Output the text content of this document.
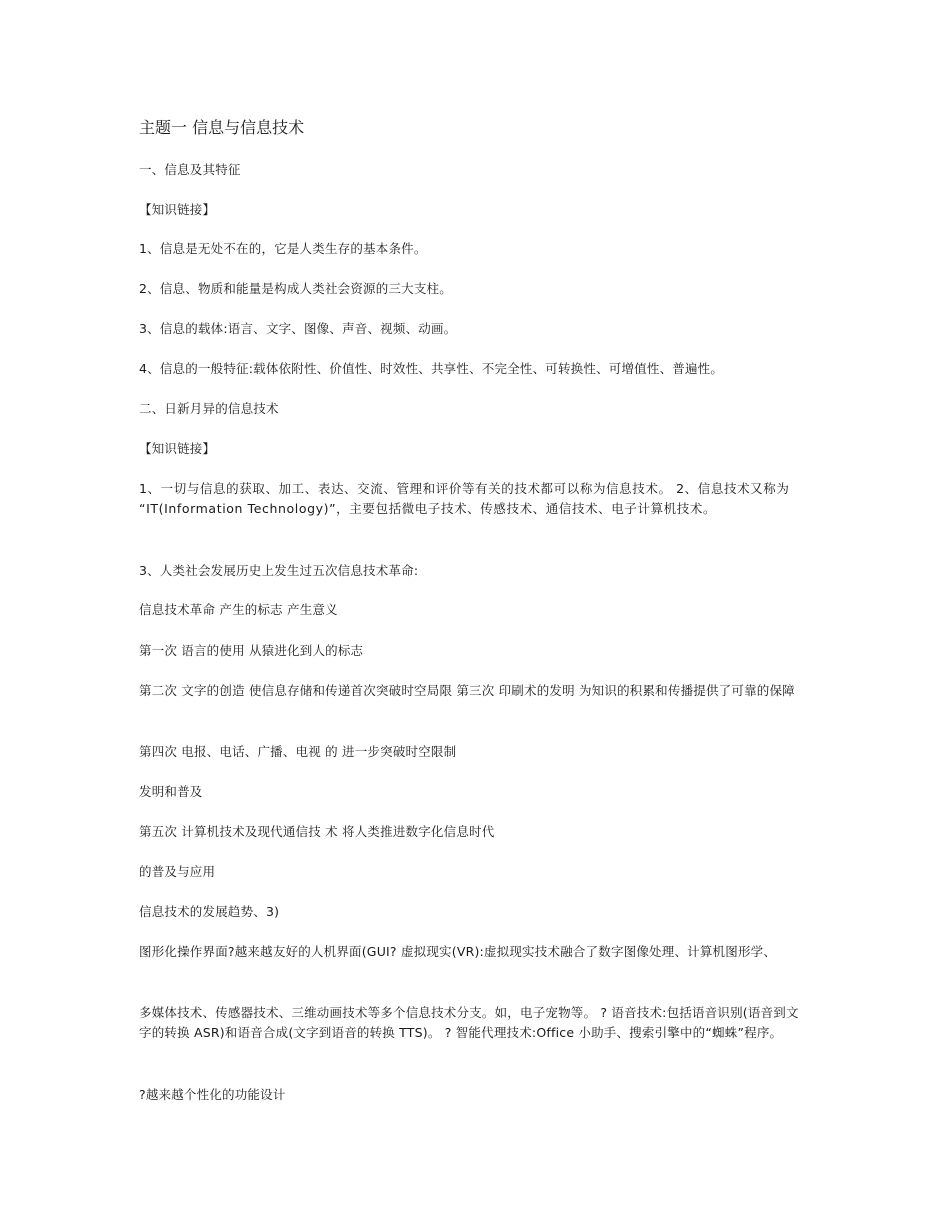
主题一 信息与信息技术
一、信息及其特征
【知识链接】
1、信息是无处不在的，它是人类生存的基本条件。
2、信息、物质和能量是构成人类社会资源的三大支柱。
3、信息的载体:语言、文字、图像、声音、视频、动画。
4、信息的一般特征:载体依附性、价值性、时效性、共享性、不完全性、可转换性、可增值性、普遍性。
二、日新月异的信息技术
【知识链接】
1、一切与信息的获取、加工、表达、交流、管理和评价等有关的技术都可以称为信息技术。 2、信息技术又称为 “IT(Information Technology)”，主要包括微电子技术、传感技术、通信技术、电子计算机技术。
3、人类社会发展历史上发生过五次信息技术革命:
信息技术革命 产生的标志 产生意义
第一次 语言的使用 从猿进化到人的标志
第二次 文字的创造 使信息存储和传递首次突破时空局限 第三次 印刷术的发明 为知识的积累和传播提供了可靠的保障
第四次 电报、电话、广播、电视 的 进一步突破时空限制
发明和普及
第五次 计算机技术及现代通信技 术 将人类推进数字化信息时代
的普及与应用
信息技术的发展趋势、3)
图形化操作界面?越来越友好的人机界面(GUI? 虚拟现实(VR):虚拟现实技术融合了数字图像处理、计算机图形学、
多媒体技术、传感器技术、三维动画技术等多个信息技术分支。如，电子宠物等。 ? 语音技术:包括语音识别(语音到文字的转换 ASR)和语音合成(文字到语音的转换 TTS)。 ? 智能代理技术:Office 小助手、搜索引擎中的“蜘蛛”程序。
?越来越个性化的功能设计
